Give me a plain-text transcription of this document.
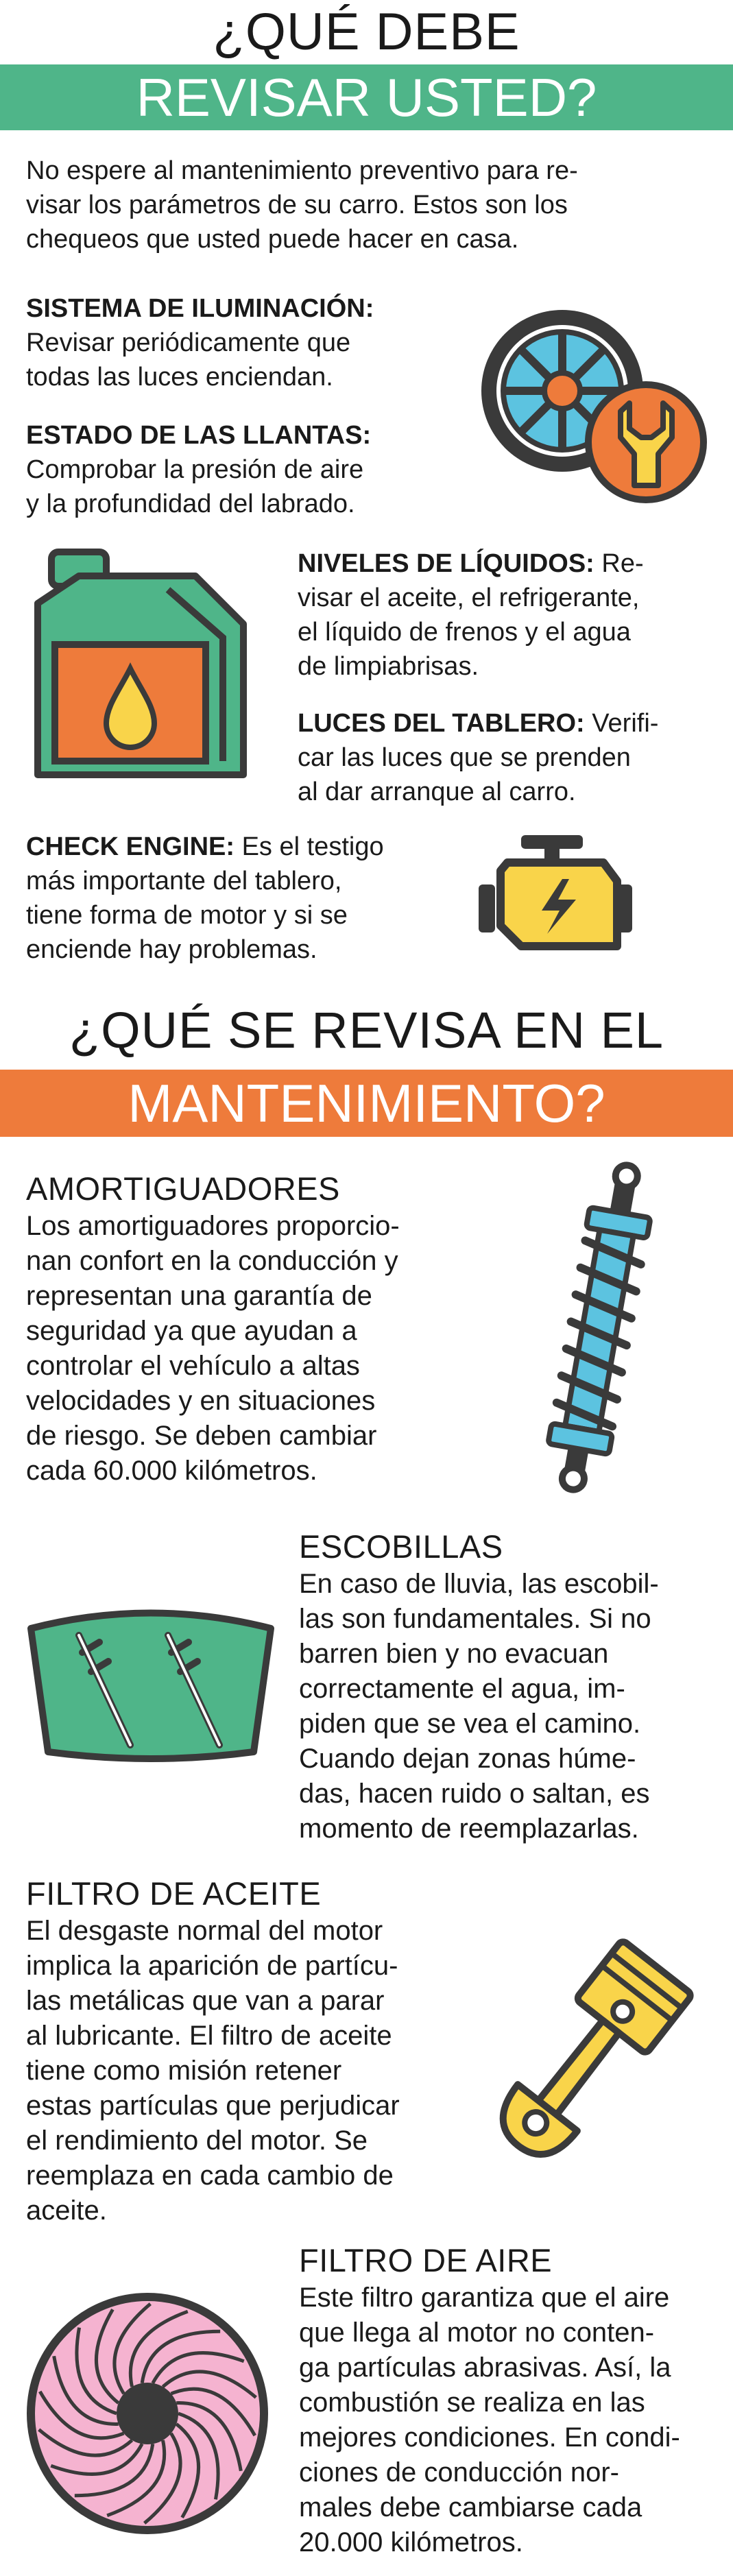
¿QUÉ DEBE
REVISAR USTED?
No espere al mantenimiento preventivo para re-
visar los parámetros de su carro. Estos son los
chequeos que usted puede hacer en casa.
SISTEMA DE ILUMINACIÓN:
Revisar periódicamente que
todas las luces enciendan.
ESTADO DE LAS LLANTAS:
Comprobar la presión de aire
y la profundidad del labrado.
NIVELES DE LÍQUIDOS: Re-
visar el aceite, el refrigerante,
el líquido de frenos y el agua
de limpiabrisas.
LUCES DEL TABLERO: Verifi-
car las luces que se prenden
al dar arranque al carro.
CHECK ENGINE: Es el testigo
más importante del tablero,
tiene forma de motor y si se
enciende hay problemas.
¿QUÉ SE REVISA EN EL
MANTENIMIENTO?
AMORTIGUADORES
Los amortiguadores proporcio-
nan confort en la conducción y
representan una garantía de
seguridad ya que ayudan a
controlar el vehículo a altas
velocidades y en situaciones
de riesgo. Se deben cambiar
cada 60.000 kilómetros.
ESCOBILLAS
En caso de lluvia, las escobil-
las son fundamentales. Si no
barren bien y no evacuan
correctamente el agua, im-
piden que se vea el camino.
Cuando dejan zonas húme-
das, hacen ruido o saltan, es
momento de reemplazarlas.
FILTRO DE ACEITE
El desgaste normal del motor
implica la aparición de partícu-
las metálicas que van a parar
al lubricante. El filtro de aceite
tiene como misión retener
estas partículas que perjudicar
el rendimiento del motor. Se
reemplaza en cada cambio de
aceite.
FILTRO DE AIRE
Este filtro garantiza que el aire
que llega al motor no conten-
ga partículas abrasivas. Así, la
combustión se realiza en las
mejores condiciones. En condi-
ciones de conducción nor-
males debe cambiarse cada
20.000 kilómetros.
